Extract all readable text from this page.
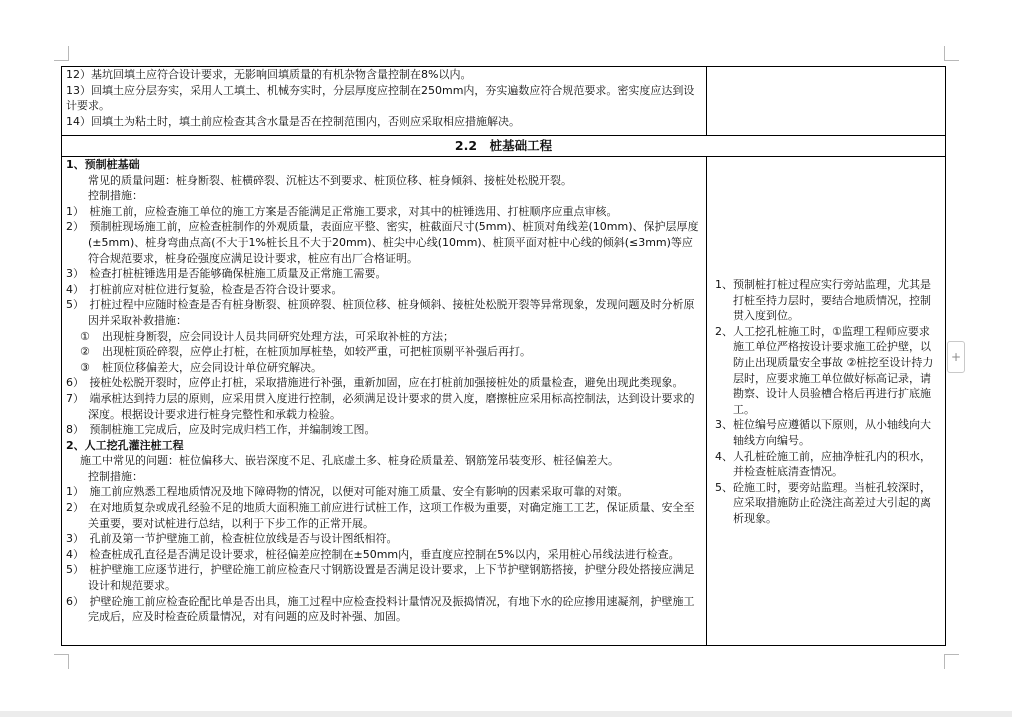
+
12）基坑回填土应符合设计要求，无影响回填质量的有机杂物含量控制在8%以内。
13）回填土应分层夯实，采用人工填土、机械夯实时，分层厚度应控制在250mm内，夯实遍数应符合规范要求。密实度应达到设计要求。
14）回填土为粘土时，填土前应检查其含水量是否在控制范围内，否则应采取相应措施解决。
2.2　桩基础工程
1、预制桩基础
常见的质量问题：桩身断裂、桩横碎裂、沉桩达不到要求、桩顶位移、桩身倾斜、接桩处松脱开裂。
控制措施：
1）　桩施工前，应检查施工单位的施工方案是否能满足正常施工要求，对其中的桩锤选用、打桩顺序应重点审核。
2）　预制桩现场施工前，应检查桩制作的外观质量，表面应平整、密实，桩截面尺寸(5mm)、桩顶对角线差(10mm)、保护层厚度(±5mm)、桩身弯曲点高(不大于1%桩长且不大于20mm)、桩尖中心线(10mm)、桩顶平面对桩中心线的倾斜(≤3mm)等应符合规范要求，桩身砼强度应满足设计要求，桩应有出厂合格证明。
3）　检查打桩桩锤选用是否能够确保桩施工质量及正常施工需要。
4）　打桩前应对桩位进行复验，检查是否符合设计要求。
5）　打桩过程中应随时检查是否有桩身断裂、桩顶碎裂、桩顶位移、桩身倾斜、接桩处松脱开裂等异常现象，发现问题及时分析原因并采取补救措施：
① 出现桩身断裂，应会同设计人员共同研究处理方法，可采取补桩的方法；
② 出现桩顶砼碎裂，应停止打桩，在桩顶加厚桩垫，如较严重，可把桩顶剔平补强后再打。
③ 桩顶位移偏差大，应会同设计单位研究解决。
6）　接桩处松脱开裂时，应停止打桩，采取措施进行补强，重新加固，应在打桩前加强接桩处的质量检查，避免出现此类现象。
7）　端承桩达到持力层的原则，应采用贯入度进行控制，必须满足设计要求的贯入度，磨擦桩应采用标高控制法，达到设计要求的深度。根据设计要求进行桩身完整性和承载力检验。
8）　预制桩施工完成后，应及时完成归档工作，并编制竣工图。
2、人工挖孔灌注桩工程
施工中常见的问题：桩位偏移大、嵌岩深度不足、孔底虚土多、桩身砼质量差、钢筋笼吊装变形、桩径偏差大。
控制措施：
1）　施工前应熟悉工程地质情况及地下障碍物的情况，以便对可能对施工质量、安全有影响的因素采取可靠的对策。
2）　在对地质复杂或成孔经验不足的地质大面积施工前应进行试桩工作，这项工作极为重要，对确定施工工艺，保证质量、安全至关重要，要对试桩进行总结，以利于下步工作的正常开展。
3）　孔前及第一节护壁施工前，检查桩位放线是否与设计图纸相符。
4）　检查桩成孔直径是否满足设计要求，桩径偏差应控制在±50mm内，垂直度应控制在5%以内，采用桩心吊线法进行检查。
5）　桩护壁施工应逐节进行，护壁砼施工前应检查尺寸钢筋设置是否满足设计要求，上下节护壁钢筋搭接，护壁分段处搭接应满足设计和规范要求。
6）　护壁砼施工前应检查砼配比单是否出具，施工过程中应检查投料计量情况及振捣情况，有地下水的砼应掺用速凝剂，护壁施工完成后，应及时检查砼质量情况，对有问题的应及时补强、加固。
1、预制桩打桩过程应实行旁站监理，尤其是打桩至持力层时，要结合地质情况，控制贯入度到位。
2、人工挖孔桩施工时，①监理工程师应要求施工单位严格按设计要求施工砼护壁，以防止出现质量安全事故 ②桩挖至设计持力层时，应要求施工单位做好标高记录，请勘察、设计人员验槽合格后再进行扩底施工。
3、桩位编号应遵循以下原则，从小轴线向大轴线方向编号。
4、人孔桩砼施工前，应抽净桩孔内的积水，并检查桩底清查情况。
5、砼施工时，要旁站监理。当桩孔较深时，应采取措施防止砼浇注高差过大引起的离析现象。
